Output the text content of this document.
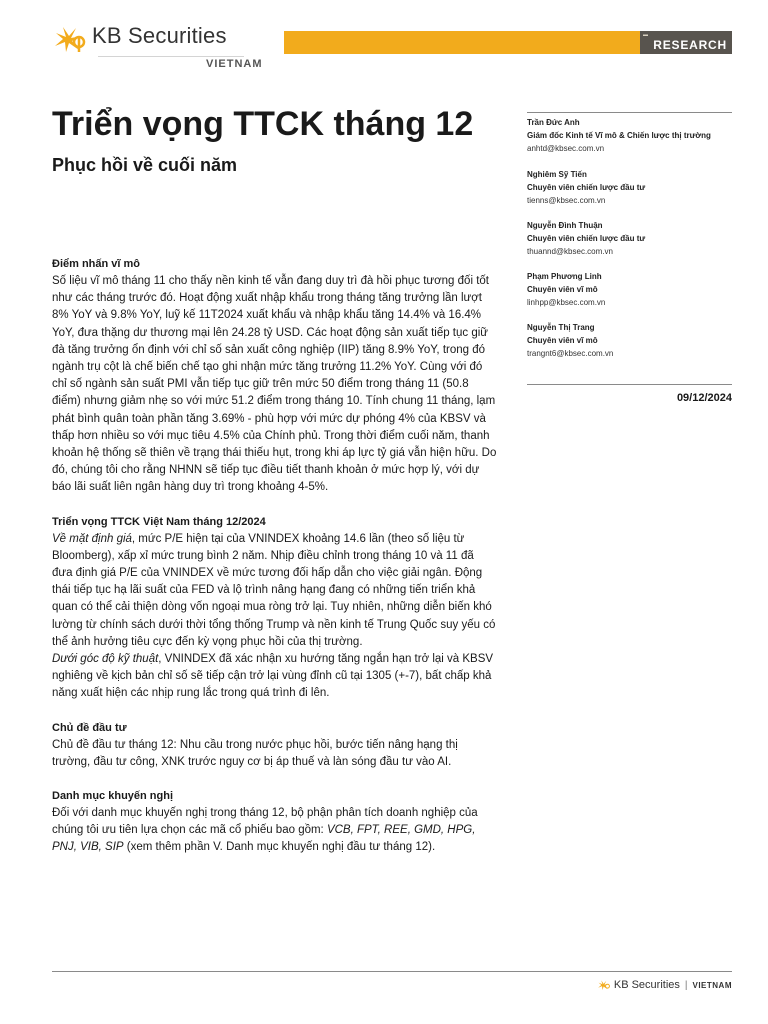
KB Securities
VIETNAM
▬
RESEARCH
Triển vọng TTCK tháng 12
Phục hồi về cuối năm
Trần Đức Anh
Giám đốc Kinh tế Vĩ mô & Chiến lược thị trường
anhtd@kbsec.com.vn
Nghiêm Sỹ Tiến
Chuyên viên chiến lược đầu tư
tienns@kbsec.com.vn
Nguyễn Đình Thuận
Chuyên viên chiến lược đầu tư
thuannd@kbsec.com.vn
Phạm Phương Linh
Chuyên viên vĩ mô
linhpp@kbsec.com.vn
Nguyễn Thị Trang
Chuyên viên vĩ mô
trangnt6@kbsec.com.vn
09/12/2024
Điểm nhấn vĩ mô

Số liệu vĩ mô tháng 11 cho thấy nền kinh tế vẫn đang duy trì đà hồi phục tương đối tốt như các tháng trước đó. Hoạt động xuất nhập khẩu trong tháng tăng trưởng lần lượt 8% YoY và 9.8% YoY, luỹ kế 11T2024 xuất khẩu và nhập khẩu tăng 14.4% và 16.4% YoY, đưa thặng dư thương mại lên 24.28 tỷ USD. Các hoạt động sản xuất tiếp tục giữ đà tăng trưởng ổn định với chỉ số sản xuất công nghiệp (IIP) tăng 8.9% YoY, trong đó ngành trụ cột là chế biến chế tạo ghi nhận mức tăng trưởng 11.2% YoY. Cùng với đó chỉ số ngành sản suất PMI vẫn tiếp tục giữ trên mức 50 điểm trong tháng 11 (50.8 điểm) nhưng giảm nhẹ so với mức 51.2 điểm trong tháng 10. Tính chung 11 tháng, lạm phát bình quân toàn phần tăng 3.69% - phù hợp với mức dự phóng 4% của KBSV và thấp hơn nhiều so với mục tiêu 4.5% của Chính phủ. Trong thời điểm cuối năm, thanh khoản hệ thống sẽ thiên về trạng thái thiếu hụt, trong khi áp lực tỷ giá vẫn hiện hữu. Do đó, chúng tôi cho rằng NHNN sẽ tiếp tục điều tiết thanh khoản ở mức hợp lý, với dự báo lãi suất liên ngân hàng duy trì trong khoảng 4-5%.

Triển vọng TTCK Việt Nam tháng 12/2024

Về mặt định giá, mức P/E hiện tại của VNINDEX khoảng 14.6 lần (theo số liệu từ Bloomberg), xấp xỉ mức trung bình 2 năm. Nhịp điều chỉnh trong tháng 10 và 11 đã đưa định giá P/E của VNINDEX về mức tương đối hấp dẫn cho việc giải ngân. Động thái tiếp tục hạ lãi suất của FED và lộ trình nâng hạng đang có những tiến triển khả quan có thể cải thiện dòng vốn ngoại mua ròng trở lại. Tuy nhiên, những diễn biến khó lường từ chính sách dưới thời tổng thống Trump và nền kinh tế Trung Quốc suy yếu có thể ảnh hưởng tiêu cực đến kỳ vọng phục hồi của thị trường.

Dưới góc độ kỹ thuật, VNINDEX đã xác nhận xu hướng tăng ngắn hạn trở lại và KBSV nghiêng về kịch bản chỉ số sẽ tiếp cận trở lại vùng đỉnh cũ tại 1305 (+-7), bất chấp khả năng xuất hiện các nhịp rung lắc trong quá trình đi lên.

Chủ đề đầu tư

Chủ đề đầu tư tháng 12: Nhu cầu trong nước phục hồi, bước tiến nâng hạng thị trường, đầu tư công, XNK trước nguy cơ bị áp thuế và làn sóng đầu tư vào AI.

Danh mục khuyến nghị

Đối với danh mục khuyến nghị trong tháng 12, bộ phận phân tích doanh nghiệp của chúng tôi ưu tiên lựa chọn các mã cổ phiếu bao gồm: VCB, FPT, REE, GMD, HPG, PNJ, VIB, SIP (xem thêm phần V. Danh mục khuyến nghị đầu tư tháng 12).

KB Securities | VIETNAM
